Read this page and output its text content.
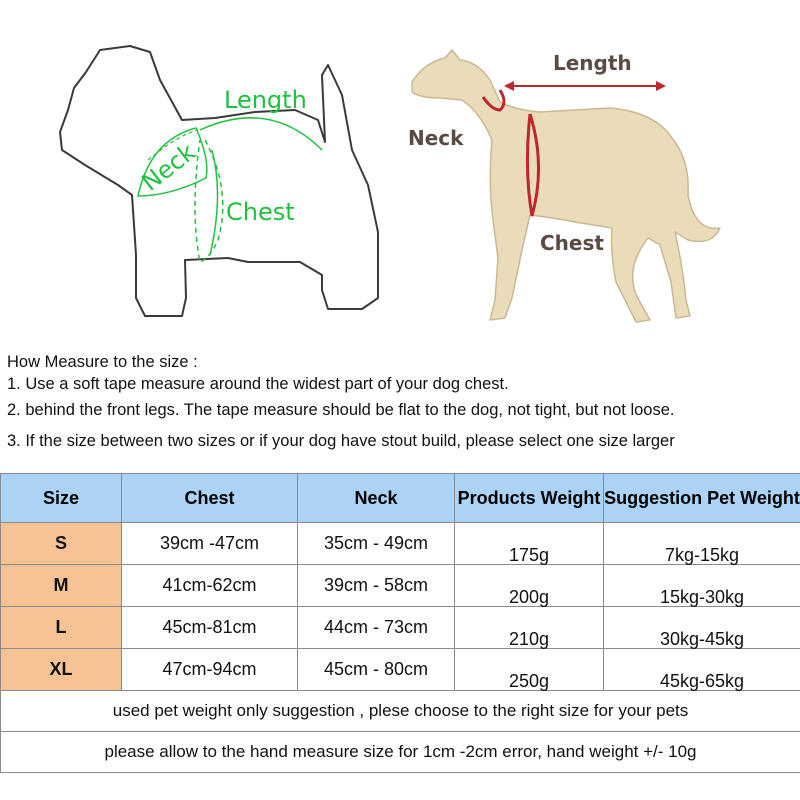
Length
Neck
Chest
Length
Neck
Chest
How Measure to the size :
1. Use a soft tape measure around the widest part of your dog chest.
2. behind the front legs. The tape measure should be flat to the dog, not tight, but not loose.
3. If the size between two sizes or if your dog have stout build, please select one size larger
Size	Chest	Neck	Products Weight	Suggestion Pet Weight
S	39cm -47cm	35cm - 49cm	175g	7kg-15kg
M	41cm-62cm	39cm - 58cm	200g	15kg-30kg
L	45cm-81cm	44cm - 73cm	210g	30kg-45kg
XL	47cm-94cm	45cm - 80cm	250g	45kg-65kg
used pet weight only suggestion , plese choose to the right size for your pets				
please allow to the hand measure size for 1cm -2cm error, hand weight +/- 10g				
